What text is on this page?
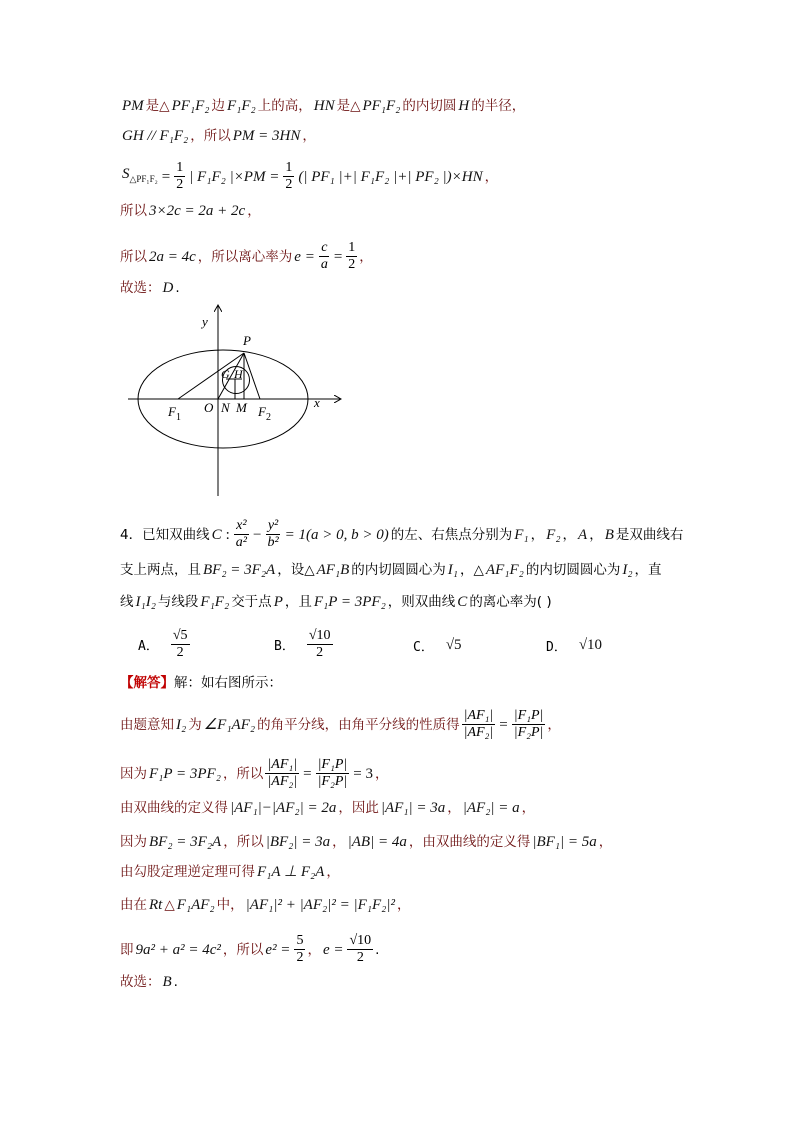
PM 是△ PF₁F₂ 边 F₁F₂ 上的高， HN 是△ PF₁F₂ 的内切圆 H 的半径，
GH // F₁F₂ ，所以 PM = 3HN ，
$S_{\triangle PF_1F_2} = \frac{1}{2}$ | F₁F₂ $|\times PM = \frac{1}{2}$ (| PF₁ |+| F₁F₂ |+| PF₂ |)×HN ，
所以 3×2c = 2a + 2c ，
所以 2a = 4c ，所以离心率为 $e = \frac{c}{a} = \frac{1}{2}$ ，
故选： D .
y
P
G H
x
O N M
F 1	F 2
4． 已知双曲线 C : $\frac{\text{x²}}{\text{a²}} - \frac{\text{y²}}{\text{b²}} = 1(a > 0$, b > 0) 的左、右焦点分别为 F₁ ， F₂ ， A ， B 是双曲线右
支上两点，且 BF₂ = 3F₂A ，设△ AF₁B 的内切圆圆心为 I₁ ，△ AF₁F₂ 的内切圆圆心为 I₂ ，直
线 I₁I₂ 与线段 F₁F₂ 交于点 P ，且 F₁P = 3PF₂ ，则双曲线 C 的离心率为( )
A． $\frac{√5}{2}$	B． $\frac{√10}{2}$	C． √5	D． √10
【解答】 解：如右图所示：
由题意知 I₂ 为 ∠F₁AF₂ 的角平分线，由角平分线的性质得 $\frac{\text{|AF₁|}}{\text{|AF₂|}} = \frac{\text{|F₁P|}}{\text{|F₂P|}}$ ，
因为 F₁P = 3PF₂ ，所以 $\frac{\text{|AF₁|}}{\text{|AF₂|}} = \frac{\text{|F₁P|}}{\text{|F₂P|}} = 3$ ，
由双曲线的定义得 |AF₁|−|AF₂| = 2a ，因此 |AF₁| = 3a ， |AF₂| = a ，
因为 BF₂ = 3F₂A ，所以 |BF₂| = 3a ， |AB| = 4a ，由双曲线的定义得 |BF₁| = 5a ，
由勾股定理逆定理可得 F₁A ⊥ F₂A ，
由在 Rt △ F₁AF₂ 中， |AF₁|² + |AF₂|² = |F₁F₂|² ，
即 9a² + a² = 4c² ，所以 $e^2 = \frac{5}{2}$ ， $e = \frac{√10}{2}$ .
故选： B .
